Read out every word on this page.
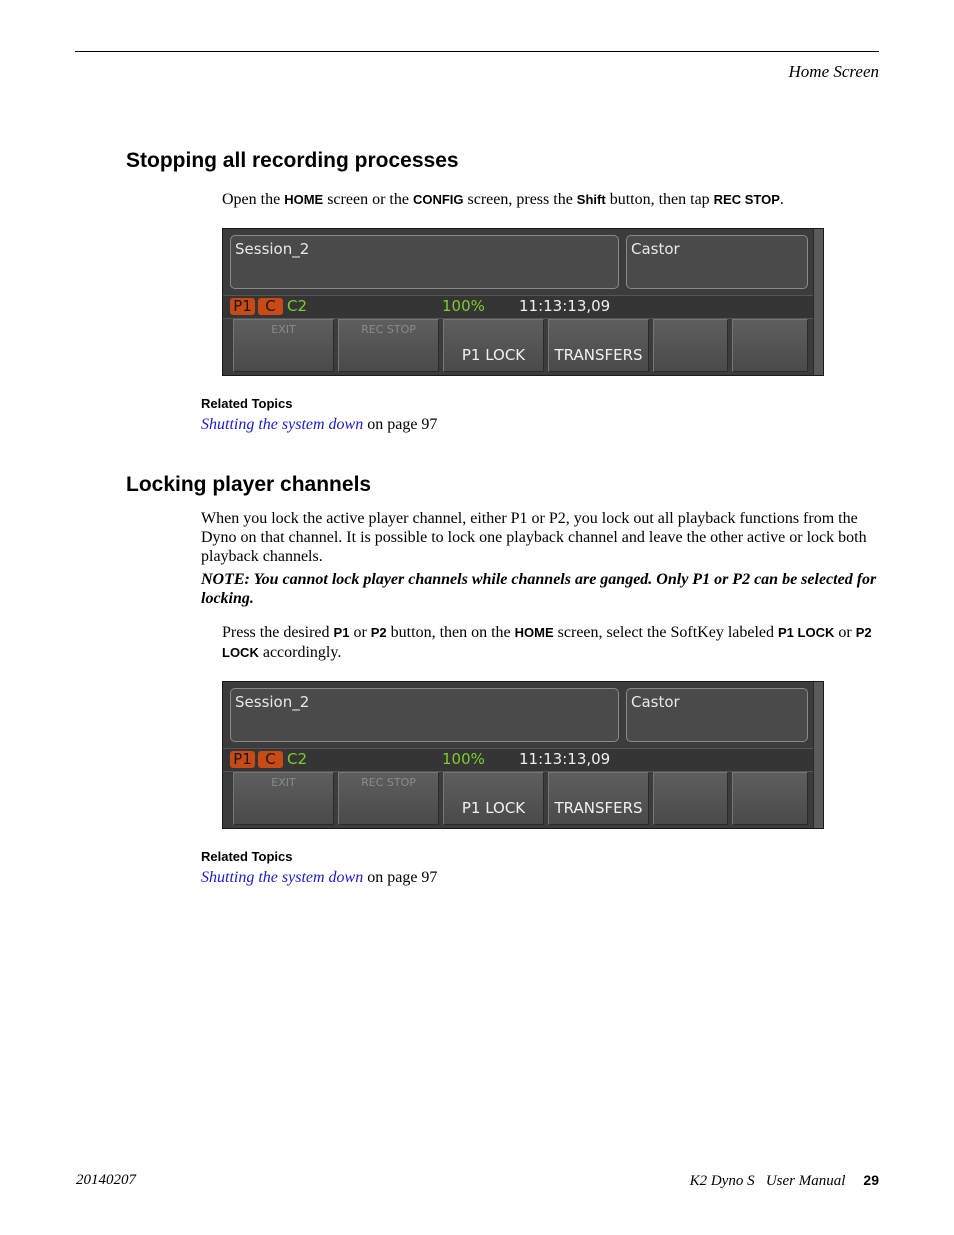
Home Screen
Stopping all recording processes
Open the HOME screen or the CONFIG screen, press the Shift button, then tap REC STOP.
Session_2	Castor
P1 C C2	100% 11:13:13,09
EXIT	REC STOP
P1 LOCK	TRANSFERS
Related Topics
Shutting the system down on page 97
Locking player channels
When you lock the active player channel, either P1 or P2, you lock out all playback functions from the Dyno on that channel. It is possible to lock one playback channel and leave the other active or lock both playback channels.
NOTE: You cannot lock player channels while channels are ganged. Only P1 or P2 can be selected for locking.
Press the desired P1 or P2 button, then on the HOME screen, select the SoftKey labeled P1 LOCK or P2 LOCK accordingly.
Session_2	Castor
P1 C C2	100% 11:13:13,09
EXIT	REC STOP
P1 LOCK	TRANSFERS
Related Topics
Shutting the system down on page 97
20140207	K2 Dyno S   User Manual 29
